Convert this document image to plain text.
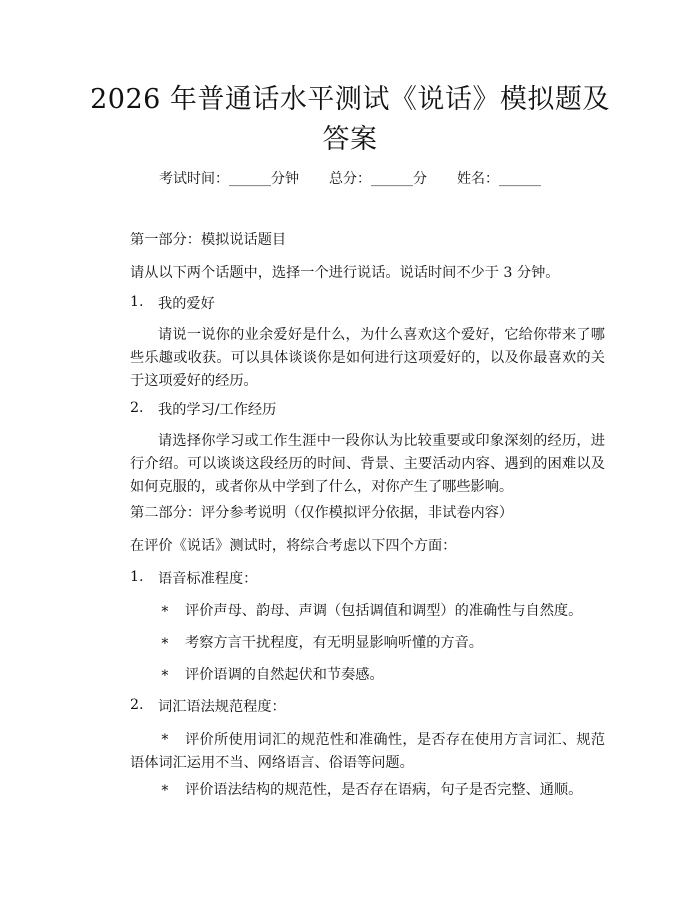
2026 年普通话水平测试《说话》模拟题及答案
考试时间：______分钟 总分：______分 姓名：______
第一部分：模拟说话题目
请从以下两个话题中，选择一个进行说话。说话时间不少于 3 分钟。
1. 我的爱好
请说一说你的业余爱好是什么，为什么喜欢这个爱好，它给你带来了哪些乐趣或收获。可以具体谈谈你是如何进行这项爱好的，以及你最喜欢的关于这项爱好的经历。
2. 我的学习/工作经历
请选择你学习或工作生涯中一段你认为比较重要或印象深刻的经历，进行介绍。可以谈谈这段经历的时间、背景、主要活动内容、遇到的困难以及如何克服的，或者你从中学到了什么，对你产生了哪些影响。
第二部分：评分参考说明（仅作模拟评分依据，非试卷内容）
在评价《说话》测试时，将综合考虑以下四个方面：
1. 语音标准程度：
∗ 评价声母、韵母、声调（包括调值和调型）的准确性与自然度。
∗ 考察方言干扰程度，有无明显影响听懂的方音。
∗ 评价语调的自然起伏和节奏感。
2. 词汇语法规范程度：
∗	评价所使用词汇的规范性和准确性，是否存在使用方言词汇、规范语体词汇运用不当、网络语言、俗语等问题。
∗ 评价语法结构的规范性，是否存在语病，句子是否完整、通顺。
